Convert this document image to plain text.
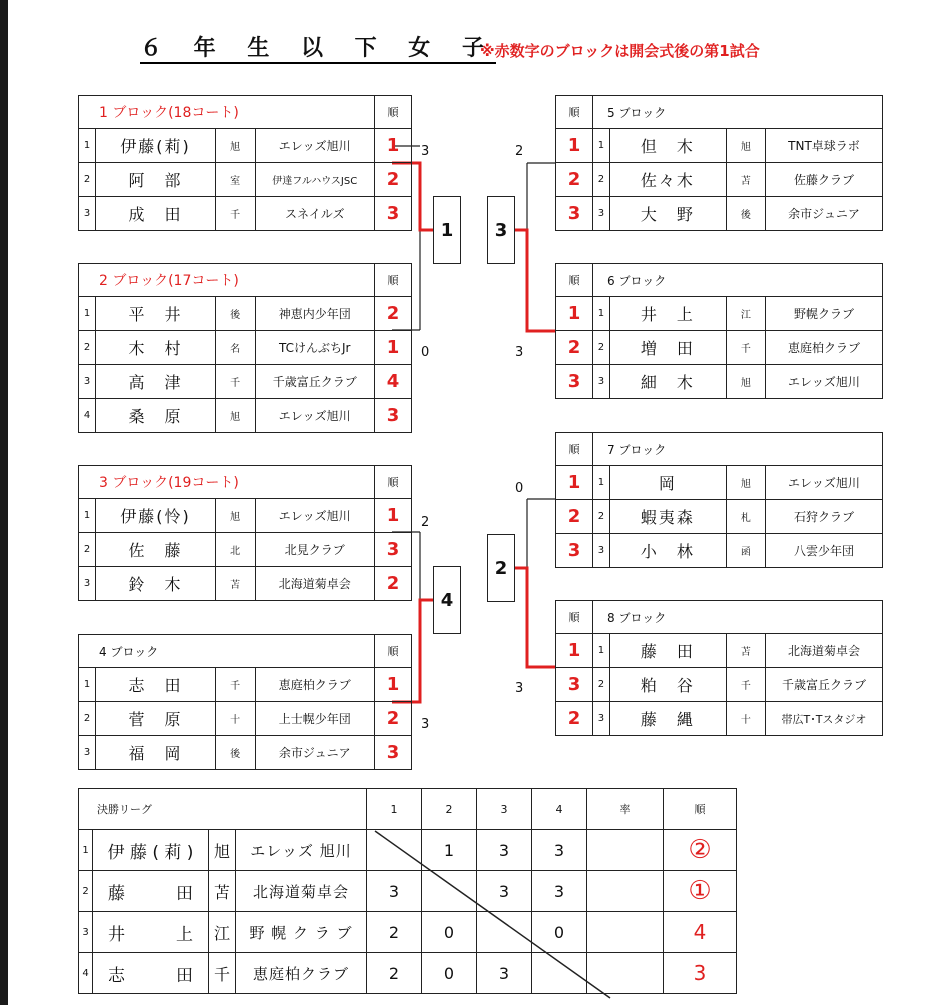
６ 年 生 以 下 女 子
※赤数字のブロックは開会式後の第1試合
1 ブロック(18コート)				順
1	伊藤(莉)	旭	エレッズ旭川	1
2	阿　部	室	伊達フルハウスJSC	2
3	成　田	千	スネイルズ	3
2 ブロック(17コート)				順
1	平　井	後	神恵内少年団	2
2	木　村	名	TCけんぶちJr	1
3	高　津	千	千歳富丘クラブ	4
4	桑　原	旭	エレッズ旭川	3
3 ブロック(19コート)				順
1	伊藤(怜)	旭	エレッズ旭川	1
2	佐　藤	北	北見クラブ	3
3	鈴　木	苫	北海道菊卓会	2
4 ブロック				順
1	志　田	千	恵庭柏クラブ	1
2	菅　原	十	上士幌少年団	2
3	福　岡	後	余市ジュニア	3
順	5 ブロック			
1	1	但　木	旭	TNT卓球ラボ
2	2	佐々木	苫	佐藤クラブ
3	3	大　野	後	余市ジュニア
順	6 ブロック			
1	1	井　上	江	野幌クラブ
2	2	増　田	千	恵庭柏クラブ
3	3	細　木	旭	エレッズ旭川
順	7 ブロック			
1	1	岡	旭	エレッズ旭川
2	2	蝦夷森	札	石狩クラブ
3	3	小　林	函	八雲少年団
順	8 ブロック			
1	1	藤　田	苫	北海道菊卓会
3	2	粕　谷	千	千歳富丘クラブ
2	3	藤　縄	十	帯広T･Tスタジオ
1
3
0
4
2
3
3
2
3
2
0
3
決勝リーグ				1	2	3	4	率	順
1	伊 藤 ( 莉 )	旭	エレッズ 旭川		1	3	3		②
2	藤　　　田	苫	北海道菊卓会	3		3	3		①
3	井　　　上	江	野 幌 ク ラ ブ	2	0		0		4
4	志　　　田	千	恵庭柏クラブ	2	0	3			3
